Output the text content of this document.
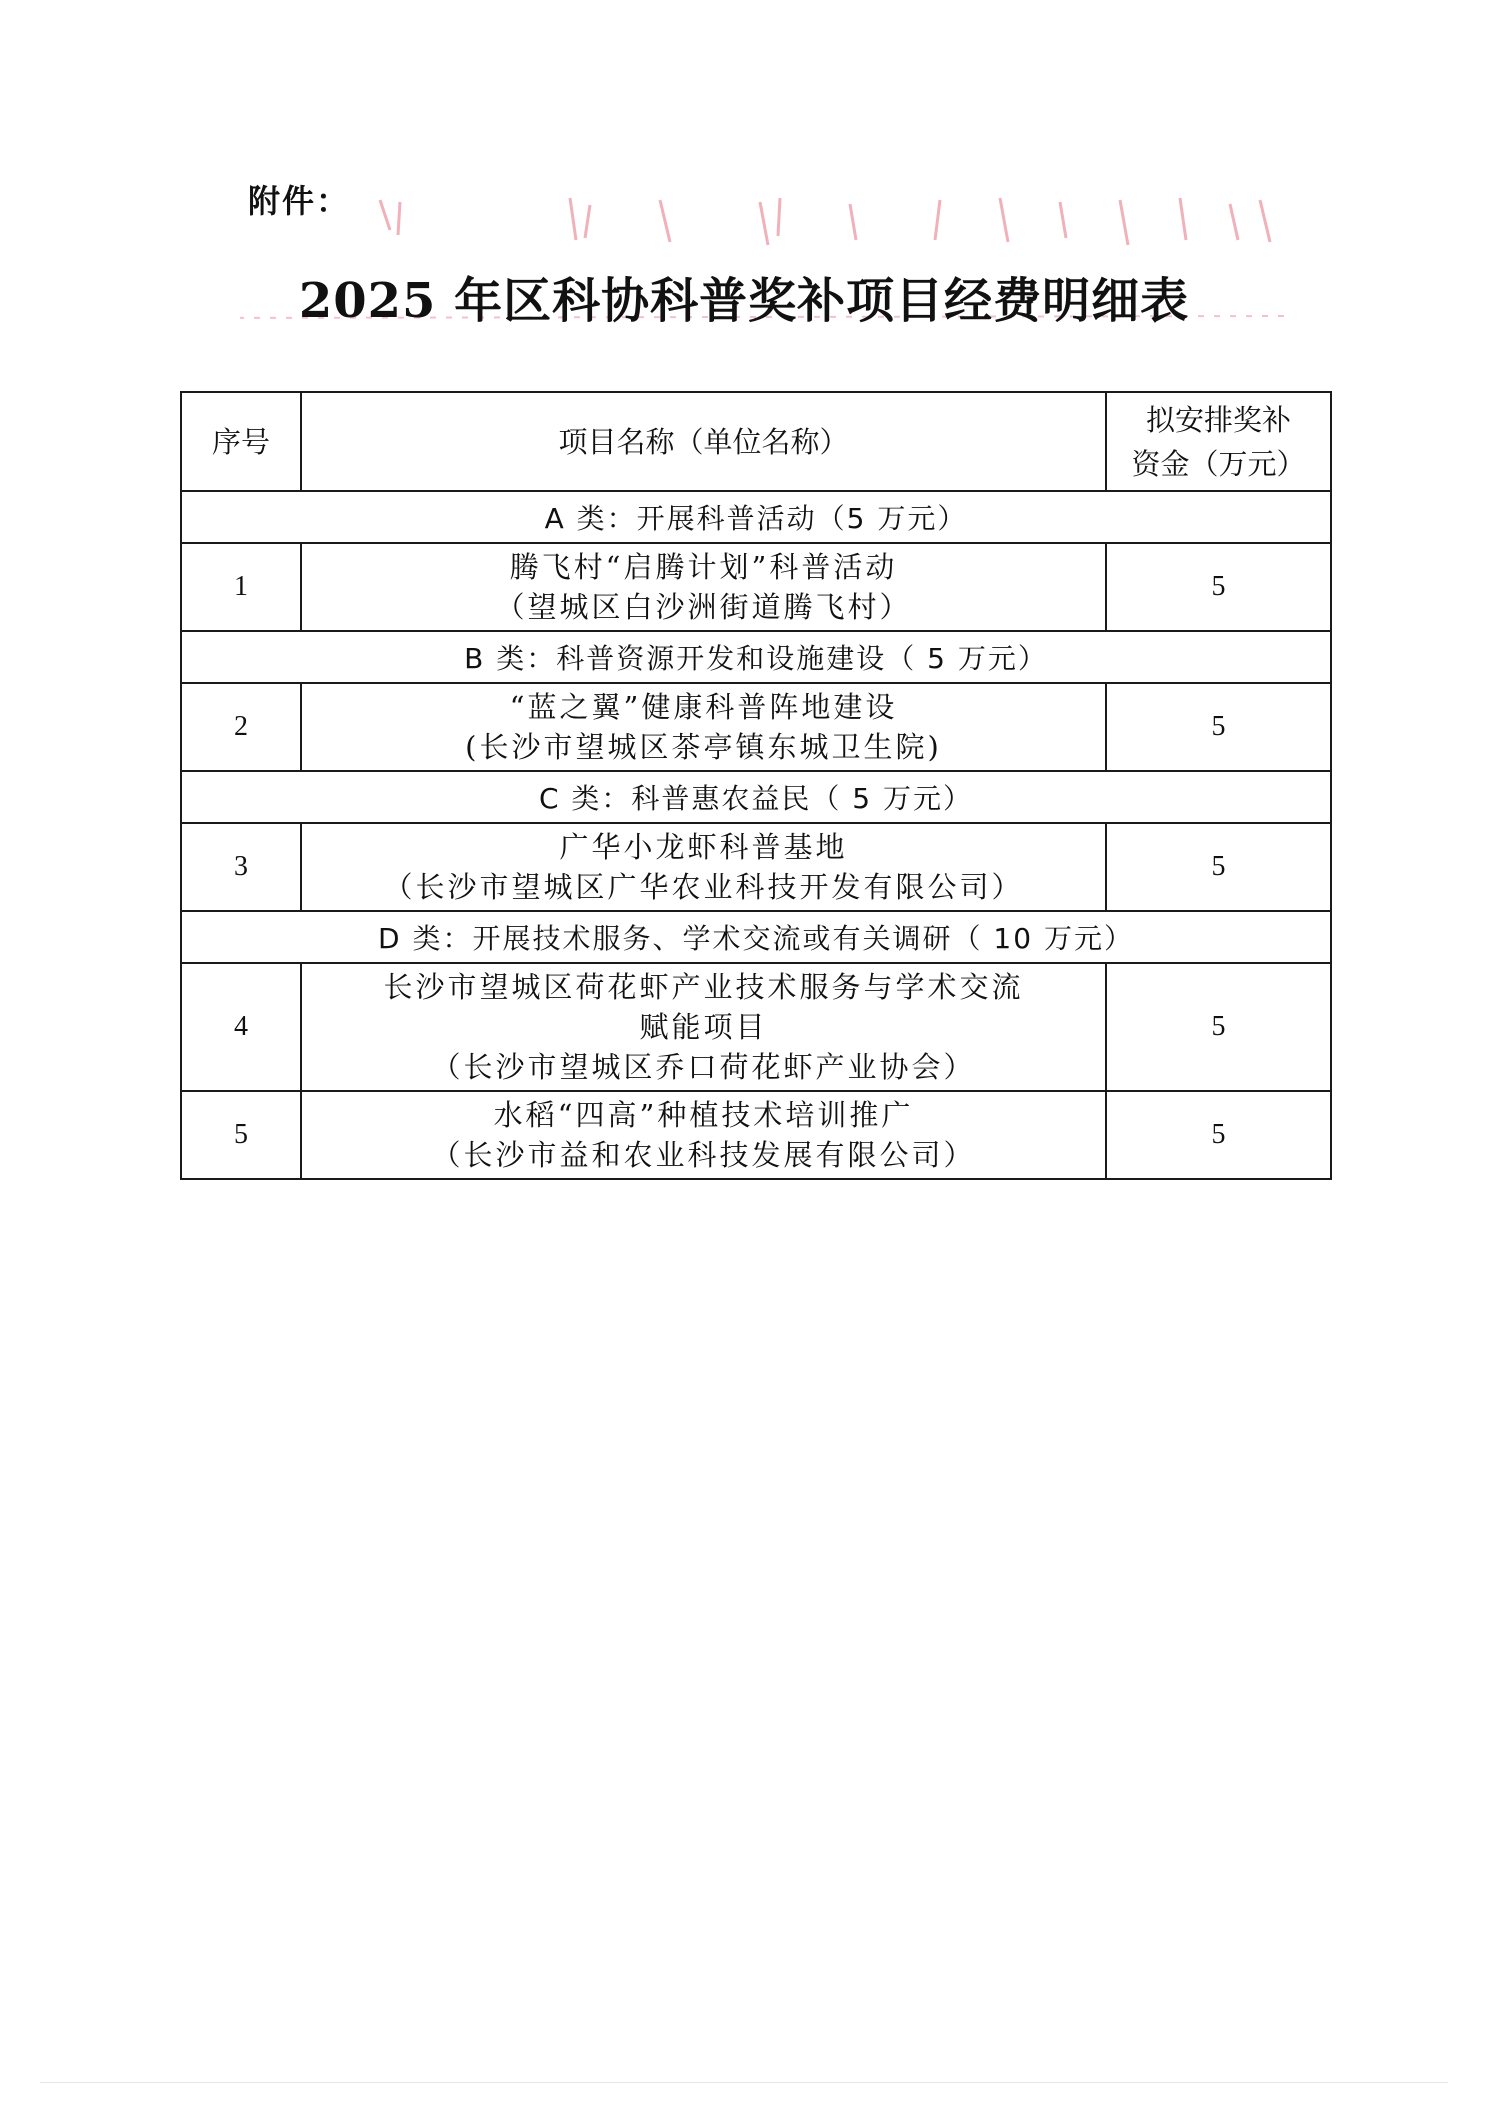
附件：
2025 年区科协科普奖补项目经费明细表
序号	项目名称（单位名称）	拟安排奖补
资金（万元）

A 类：开展科普活动（5 万元）		
1	腾飞村“启腾计划”科普活动
（望城区白沙洲街道腾飞村）	5
B 类：科普资源开发和设施建设（ 5 万元）		
2	“蓝之翼”健康科普阵地建设
(长沙市望城区茶亭镇东城卫生院)	5
C 类：科普惠农益民（ 5 万元）		
3	广华小龙虾科普基地
（长沙市望城区广华农业科技开发有限公司）	5
D 类：开展技术服务、学术交流或有关调研（ 10 万元）		
4	长沙市望城区荷花虾产业技术服务与学术交流
赋能项目
（长沙市望城区乔口荷花虾产业协会）	5
5	水稻“四高”种植技术培训推广
（长沙市益和农业科技发展有限公司）	5
